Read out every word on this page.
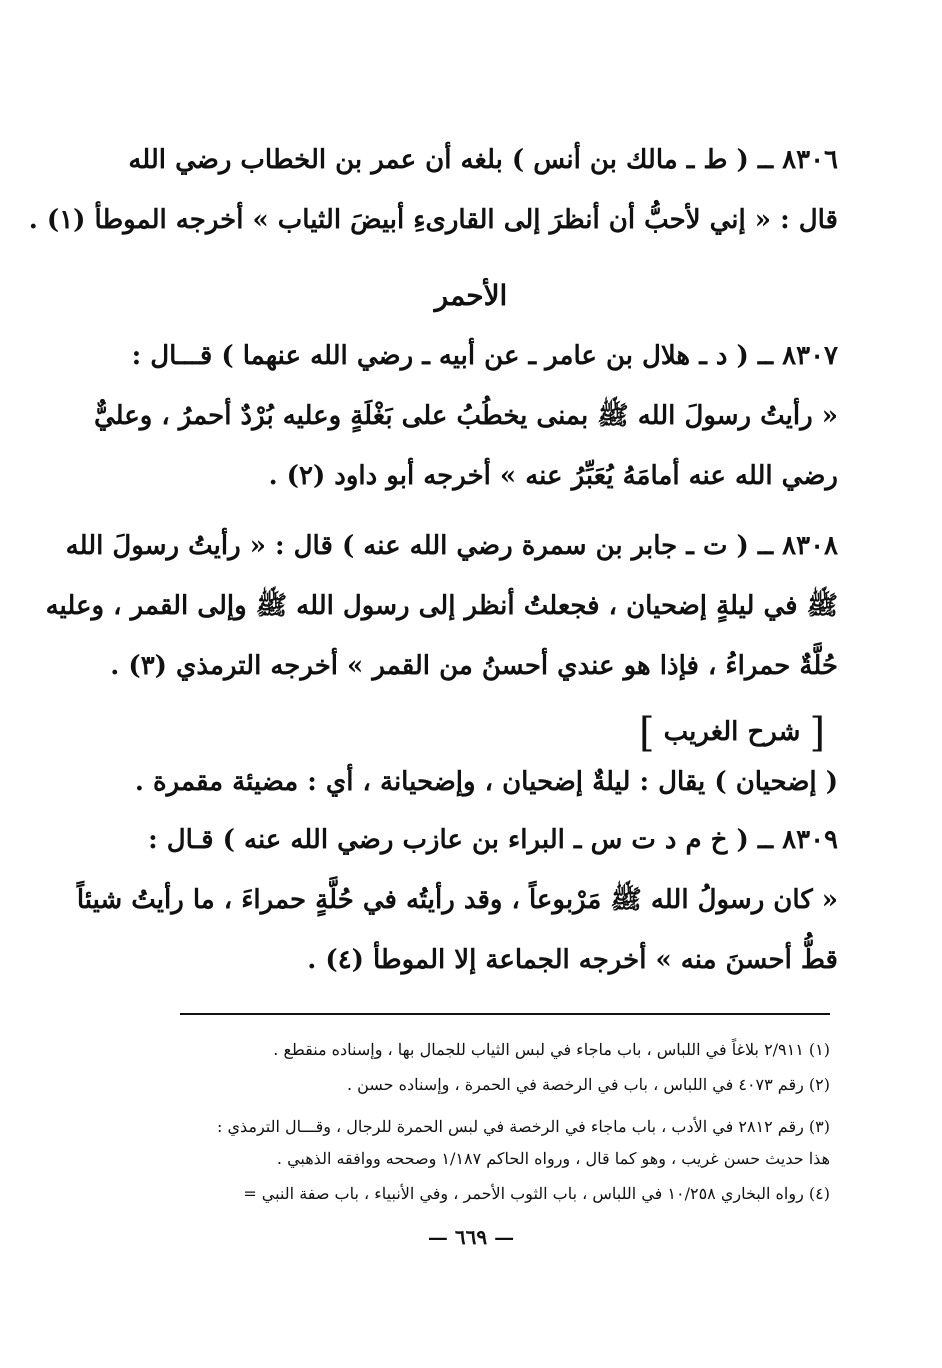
٨٣٠٦ ــ ( ط ـ مالك بن أنس ) بلغه أن عمر بن الخطاب رضي الله
قال : « إني لأحبُّ أن أنظرَ إلى القارىءِ أبيضَ الثياب » أخرجه الموطأ (١) .
الأحمر
٨٣٠٧ ــ ( د ـ هلال بن عامر ـ عن أبيه ـ رضي الله عنهما ) قـــال :
« رأيتُ رسولَ الله ﷺ بمنى يخطُبُ على بَغْلَةٍ وعليه بُرْدٌ أحمرُ ، وعليٌّ
رضي الله عنه أمامَهُ يُعَبِّرُ عنه » أخرجه أبو داود (٢) .
٨٣٠٨ ــ ( ت ـ جابر بن سمرة رضي الله عنه ) قال : « رأيتُ رسولَ الله
ﷺ في ليلةٍ إضحيان ، فجعلتُ أنظر إلى رسول الله ﷺ وإلى القمر ، وعليه
حُلَّةٌ حمراءُ ، فإذا هو عندي أحسنُ من القمر » أخرجه الترمذي (٣) .
[ شرح الغريب ]
( إضحيان ) يقال : ليلةٌ إضحيان ، وإضحيانة ، أي : مضيئة مقمرة .
٨٣٠٩ ــ ( خ م د ت س ـ البراء بن عازب رضي الله عنه ) قـال :
« كان رسولُ الله ﷺ مَرْبوعاً ، وقد رأيتُه في حُلَّةٍ حمراءَ ، ما رأيتُ شيئاً
قطُّ أحسنَ منه » أخرجه الجماعة إلا الموطأ (٤) .
(١) ٢/٩١١ بلاغاً في اللباس ، باب ماجاء في لبس الثياب للجمال بها ، وإسناده منقطع .
(٢) رقم ٤٠٧٣ في اللباس ، باب في الرخصة في الحمرة ، وإسناده حسن .
(٣) رقم ٢٨١٢ في الأدب ، باب ماجاء في الرخصة في لبس الحمرة للرجال ، وقـــال الترمذي :
هذا حديث حسن غريب ، وهو كما قال ، ورواه الحاكم ١/١٨٧ وصححه ووافقه الذهبي .
(٤) رواه البخاري ١٠/٢٥٨ في اللباس ، باب الثوب الأحمر ، وفي الأنبياء ، باب صفة النبي =
— ٦٦٩ —
